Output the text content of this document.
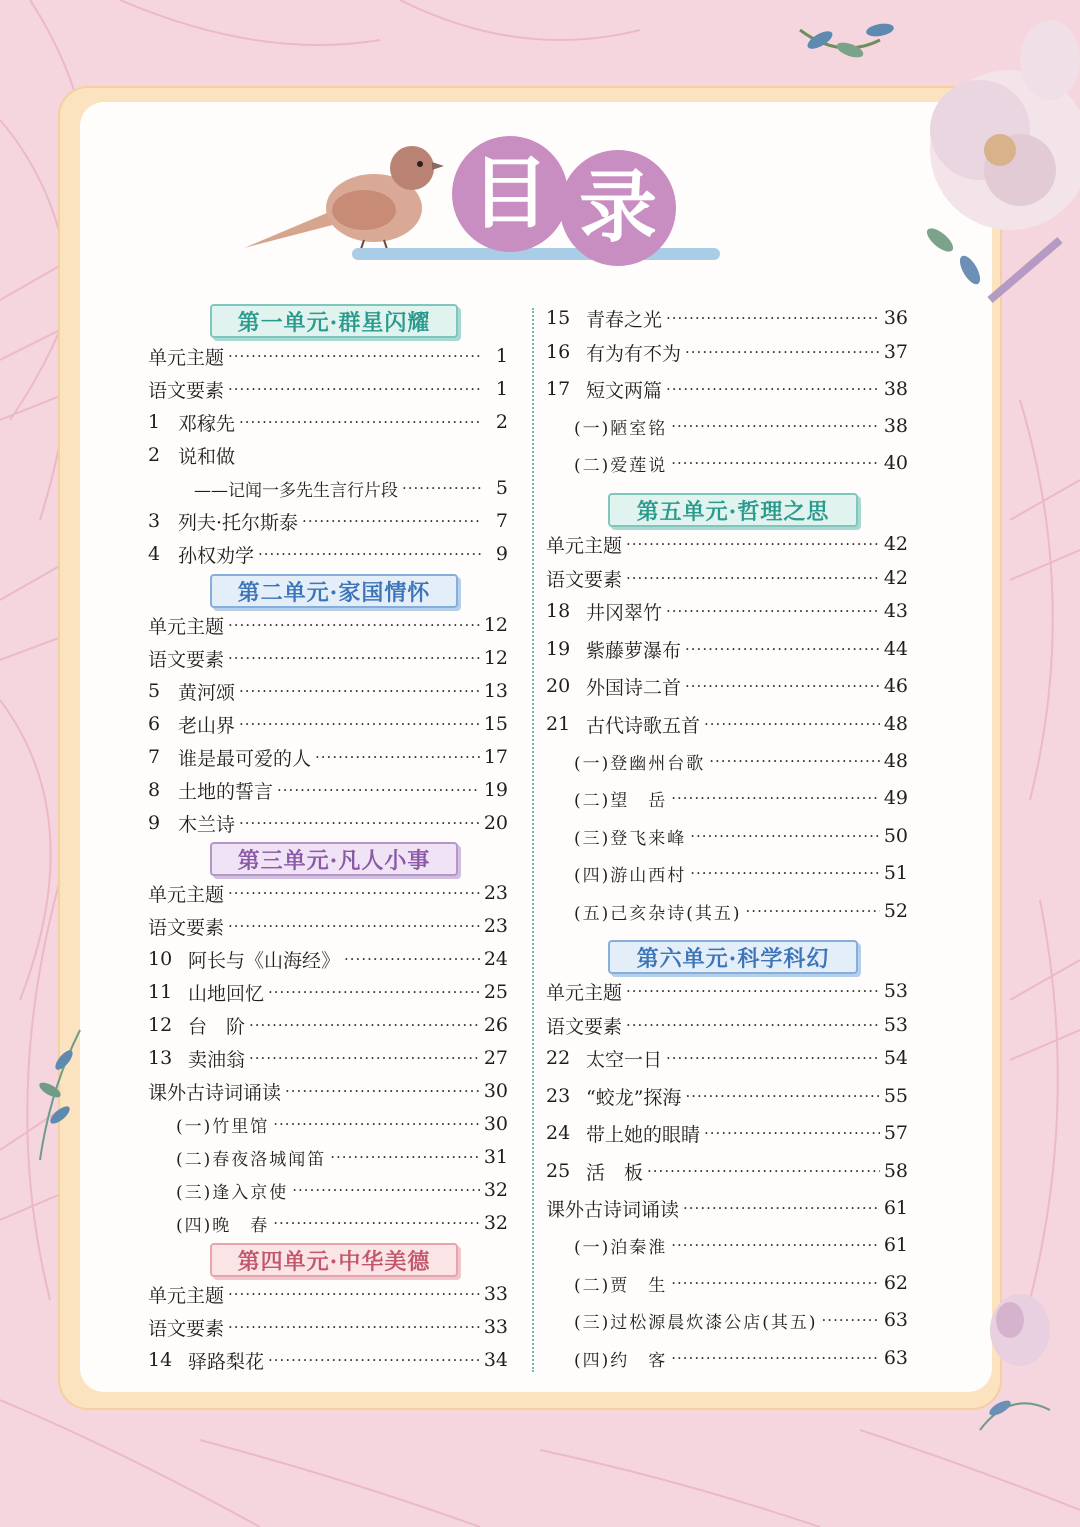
目 录
第一单元·群星闪耀
单元主题 ·····	1
语文要素 ·····	1
1 邓稼先 ·····	2
2 说和做
——记闻一多先生言行片段 ·····	5
3 列夫·托尔斯泰 ·····	7
4 孙权劝学 ·····	9
第二单元·家国情怀
单元主题 ·····	12
语文要素 ·····	12
5 黄河颂 ·····	13
6 老山界 ·····	15
7 谁是最可爱的人 ·····	17
8 土地的誓言 ·····	19
9 木兰诗 ·····	20
第三单元·凡人小事
单元主题 ·····	23
语文要素 ·····	23
10 阿长与《山海经》 ·····	24
11 山地回忆 ·····	25
12 台　阶 ·····	26
13 卖油翁 ·····	27
课外古诗词诵读 ·····	30
(一)竹里馆 ·····	30
(二)春夜洛城闻笛 ·····	31
(三)逢入京使 ·····	32
(四)晚　春 ·····	32
第四单元·中华美德
单元主题 ·····	33
语文要素 ·····	33
14 驿路梨花 ·····	34
15 青春之光 ·····	36
16 有为有不为 ·····	37
17 短文两篇 ·····	38
(一)陋室铭 ·····	38
(二)爱莲说 ·····	40
第五单元·哲理之思
单元主题 ·····	42
语文要素 ·····	42
18 井冈翠竹 ·····	43
19 紫藤萝瀑布 ·····	44
20 外国诗二首 ·····	46
21 古代诗歌五首 ·····	48
(一)登幽州台歌 ·····	48
(二)望　岳 ·····	49
(三)登飞来峰 ·····	50
(四)游山西村 ·····	51
(五)己亥杂诗(其五) ·····	52
第六单元·科学科幻
单元主题 ·····	53
语文要素 ·····	53
22 太空一日 ·····	54
23 “蛟龙”探海 ·····	55
24 带上她的眼睛 ·····	57
25 活　板 ·····	58
课外古诗词诵读 ·····	61
(一)泊秦淮 ·····	61
(二)贾　生 ·····	62
(三)过松源晨炊漆公店(其五) ·····	63
(四)约　客 ·····	63
